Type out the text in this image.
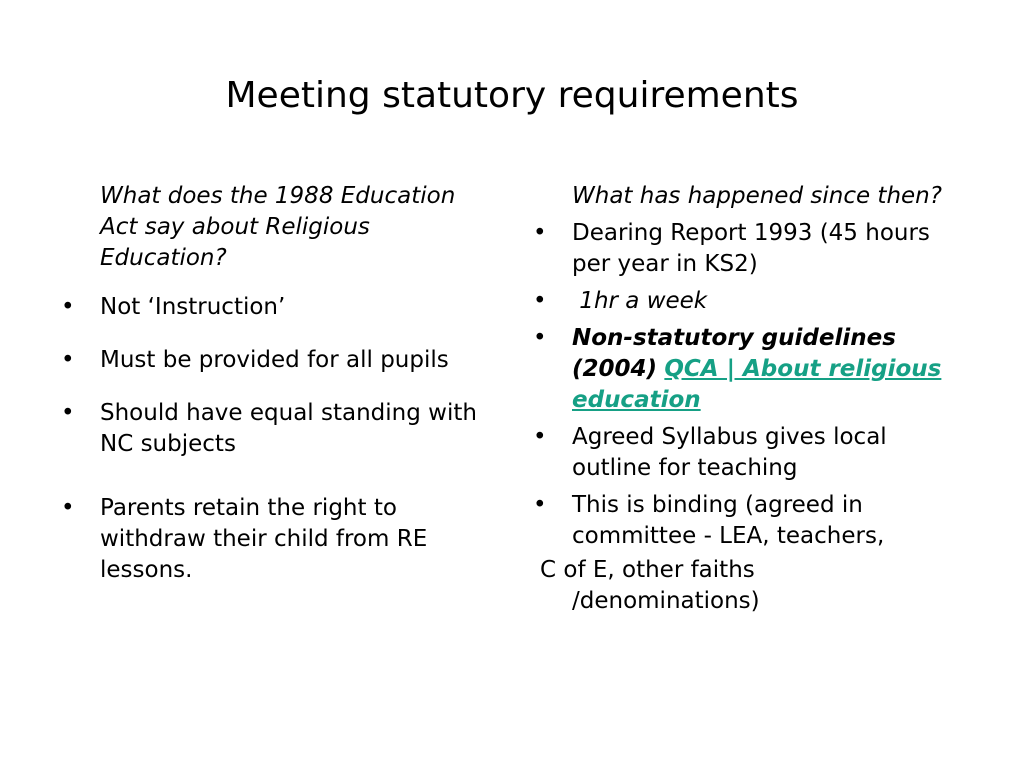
Meeting statutory requirements

What does the 1988 Education Act say about Religious Education?

• Not ‘Instruction’

• Must be provided for all pupils

• Should have equal standing with NC subjects

• Parents retain the right to withdraw their child from RE lessons.

What has happened since then?

• Dearing Report 1993 (45 hours per year in KS2)

• 1hr a week

• Non-statutory guidelines (2004) QCA | About religious education

• Agreed Syllabus gives local outline for teaching

• This is binding (agreed in committee - LEA, teachers,

C of E, other faiths
/denominations)
